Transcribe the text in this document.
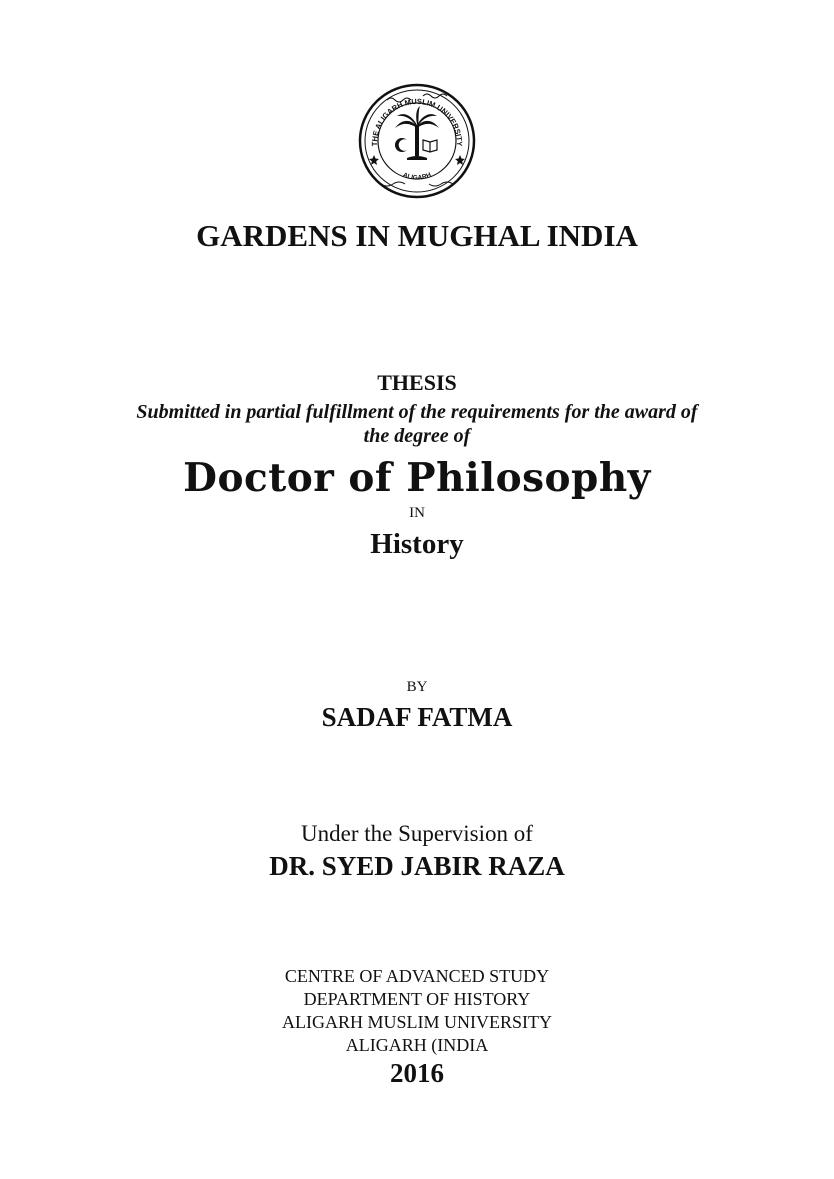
THE ALIGARH MUSLIM UNIVERSITY
ALIGARH
GARDENS IN MUGHAL INDIA
THESIS
Submitted in partial fulfillment of the requirements for the award of
the degree of
Doctor of Philosophy
IN
History
BY
SADAF FATMA
Under the Supervision of
DR. SYED JABIR RAZA
CENTRE OF ADVANCED STUDY
DEPARTMENT OF HISTORY
ALIGARH MUSLIM UNIVERSITY
ALIGARH (INDIA
2016
